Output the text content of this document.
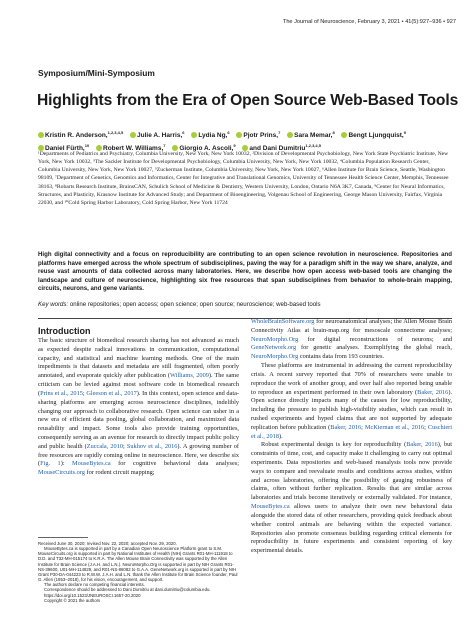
The Journal of Neuroscience, February 3, 2021 • 41(5):927–936 • 927
Symposium/Mini-Symposium
Highlights from the Era of Open Source Web-Based Tools
Kristin R. Anderson,$^{1,2,3,4,5}$ Julie A. Harris,$^6$ Lydia Ng,$^6$ Pjotr Prins,$^7$ Sara Memar,$^8$ Bengt Ljungquist,$^9$ Daniel Fürth,$^{10}$ Robert W. Williams,$^7$ Giorgio A. Ascoli,$^9$ and Dani Dumitriu$^{1,2,3,4,5}$
¹Departments of Pediatrics and Psychiatry, Columbia University, New York, New York 10032, ²Division of Developmental Psychobiology, New York State Psychiatric Institute, New York, New York 10032, ³The Sackler Institute for Developmental Psychobiology, Columbia University, New York, New York 10032, ⁴Columbia Population Research Center, Columbia University, New York, New York 10027, ⁵Zuckerman Institute, Columbia University, New York, New York 10027, ⁶Allen Institute for Brain Science, Seattle, Washington 98109, ⁷Department of Genetics, Genomics and Informatics, Center for Integrative and Translational Genomics, University of Tennessee Health Science Center, Memphis, Tennessee 38163, ⁸Robarts Research Institute, BrainsCAN, Schulich School of Medicine & Dentistry, Western University, London, Ontario N6A 3K7, Canada, ⁹Center for Neural Informatics, Structures, and Plasticity, Krasnow Institute for Advanced Study; and Department of Bioengineering, Volgenau School of Engineering, George Mason University, Fairfax, Virginia 22030, and ¹⁰Cold Spring Harbor Laboratory, Cold Spring Harbor, New York 11724
High digital connectivity and a focus on reproducibility are contributing to an open science revolution in neuroscience. Repositories and platforms have emerged across the whole spectrum of subdisciplines, paving the way for a paradigm shift in the way we share, analyze, and reuse vast amounts of data collected across many laboratories. Here, we describe how open access web-based tools are changing the landscape and culture of neuroscience, highlighting six free resources that span subdisciplines from behavior to whole-brain mapping, circuits, neurons, and gene variants.
Key words: online repositories; open access; open science; open source; neuroscience; web-based tools
Introduction

The basic structure of biomedical research sharing has not advanced as much as expected despite radical innovations in communication, computational capacity, and statistical and machine learning methods. One of the main impediments is that datasets and metadata are still fragmented, often poorly annotated, and evaporate quickly after publication (Williams, 2009). The same criticism can be levied against most software code in biomedical research (Prins et al., 2015; Gleeson et al., 2017). In this context, open science and data-sharing platforms are emerging across neuroscience disciplines, indelibly changing our approach to collaborative research. Open science can usher in a new era of efficient data pooling, global collaboration, and maximized data reusability and impact. Some tools also provide training opportunities, consequently serving as an avenue for research to directly impact public policy and public health (Zuccala, 2010; Sukhov et al., 2016). A growing number of free resources are rapidly coming online in neuroscience. Here, we describe six (Fig. 1): MouseBytes.ca for cognitive behavioral data analyses; MouseCircuits.org for rodent circuit mapping;

WholeBrainSoftware.org for neuroanatomical analyses; the Allen Mouse Brain Connectivity Atlas at brain-map.org for mesoscale connectome analyses; NeuroMorpho.Org for digital reconstructions of neurons; and GeneNetwork.org for genetic analyses. Exemplifying the global reach, NeuroMorpho.Org contains data from 193 countries.

These platforms are instrumental in addressing the current reproducibility crisis. A recent survey reported that 70% of researchers were unable to reproduce the work of another group, and over half also reported being unable to reproduce an experiment performed in their own laboratory (Baker, 2016). Open science directly impacts many of the causes for low reproducibility, including the pressure to publish high-visibility studies, which can result in rushed experiments and hyped claims that are not supported by adequate replication before publication (Baker, 2016; McKiernan et al., 2016; Cuschieri et al., 2018).

Robust experimental design is key for reproducibility (Baker, 2016), but constraints of time, cost, and capacity make it challenging to carry out optimal experiments. Data repositories and web-based reanalysis tools now provide ways to compare and reevaluate results and conditions across studies, within and across laboratories, offering the possibility of gauging robustness of claims, often without further replication. Results that are similar across laboratories and trials become iteratively or externally validated. For instance, MouseBytes.ca allows users to analyze their own new behavioral data alongside the stored data of other researchers, providing quick feedback about whether control animals are behaving within the expected variance. Repositories also promote consensus building regarding critical elements for reproducibility in future experiments and consistent reporting of key experimental details.

Received June 30, 2020; revised Nov. 22, 2020; accepted Nov. 29, 2020.

MouseBytes.ca is supported in part by a Canadian Open Neuroscience Platform grant to S.M. MouseCircuits.org is supported in part by National Institutes of Health (NIH) Grants R01-MH-111918 to D.D. and T32-MH-015174 to K.R.A. The Allen Mouse Brain Connectivity was supported by the Allen Institute for Brain Science (J.A.H. and L.N.). NeuroMorpho.Org is supported in part by NIH Grants R01-NS-39600, U01-MH-114829, and R01-NS-86082 to G.A.A. GeneNetwork.org is supported in part by NIH Grant P30-DA-044223 to R.W.W. J.A.H. and L.N. thank the Allen Institute for Brain Science founder, Paul G. Allen (1953–2018), for his vision, encouragement, and support.

The authors declare no competing financial interests.

Correspondence should be addressed to Dani Dumitriu at dani.dumitriu@columbia.edu.

https://doi.org/10.1523/JNEUROSCI.1657-20.2020

Copyright © 2021 the authors
